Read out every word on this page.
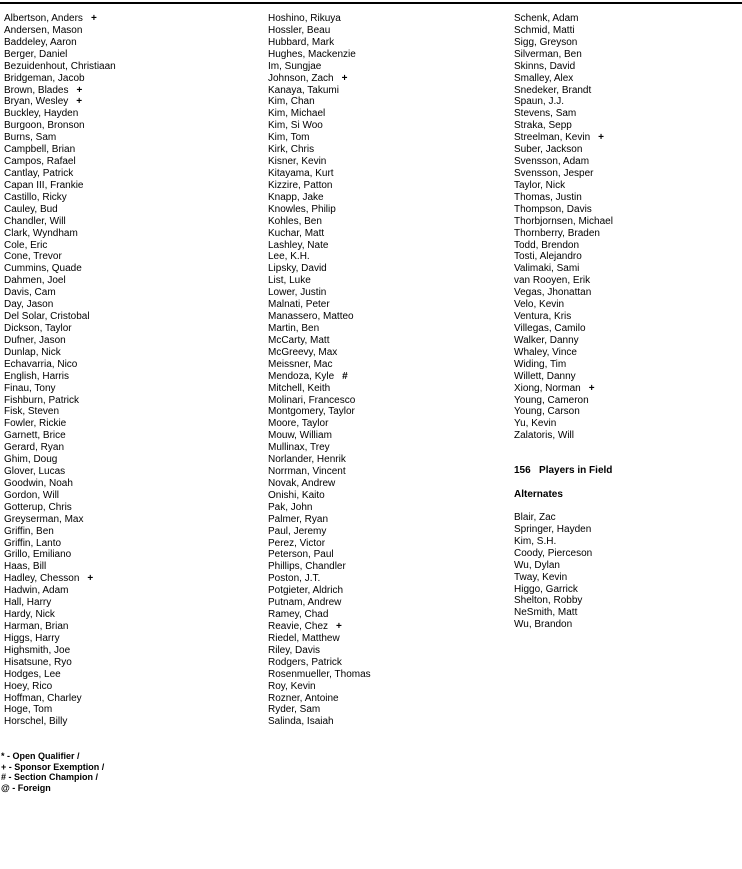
Albertson, Anders +
Andersen, Mason
Baddeley, Aaron
Berger, Daniel
Bezuidenhout, Christiaan
Bridgeman, Jacob
Brown, Blades +
Bryan, Wesley +
Buckley, Hayden
Burgoon, Bronson
Burns, Sam
Campbell, Brian
Campos, Rafael
Cantlay, Patrick
Capan III, Frankie
Castillo, Ricky
Cauley, Bud
Chandler, Will
Clark, Wyndham
Cole, Eric
Cone, Trevor
Cummins, Quade
Dahmen, Joel
Davis, Cam
Day, Jason
Del Solar, Cristobal
Dickson, Taylor
Dufner, Jason
Dunlap, Nick
Echavarria, Nico
English, Harris
Finau, Tony
Fishburn, Patrick
Fisk, Steven
Fowler, Rickie
Garnett, Brice
Gerard, Ryan
Ghim, Doug
Glover, Lucas
Goodwin, Noah
Gordon, Will
Gotterup, Chris
Greyserman, Max
Griffin, Ben
Griffin, Lanto
Grillo, Emiliano
Haas, Bill
Hadley, Chesson +
Hadwin, Adam
Hall, Harry
Hardy, Nick
Harman, Brian
Higgs, Harry
Highsmith, Joe
Hisatsune, Ryo
Hodges, Lee
Hoey, Rico
Hoffman, Charley
Hoge, Tom
Horschel, Billy
Hoshino, Rikuya
Hossler, Beau
Hubbard, Mark
Hughes, Mackenzie
Im, Sungjae
Johnson, Zach +
Kanaya, Takumi
Kim, Chan
Kim, Michael
Kim, Si Woo
Kim, Tom
Kirk, Chris
Kisner, Kevin
Kitayama, Kurt
Kizzire, Patton
Knapp, Jake
Knowles, Philip
Kohles, Ben
Kuchar, Matt
Lashley, Nate
Lee, K.H.
Lipsky, David
List, Luke
Lower, Justin
Malnati, Peter
Manassero, Matteo
Martin, Ben
McCarty, Matt
McGreevy, Max
Meissner, Mac
Mendoza, Kyle #
Mitchell, Keith
Molinari, Francesco
Montgomery, Taylor
Moore, Taylor
Mouw, William
Mullinax, Trey
Norlander, Henrik
Norrman, Vincent
Novak, Andrew
Onishi, Kaito
Pak, John
Palmer, Ryan
Paul, Jeremy
Perez, Victor
Peterson, Paul
Phillips, Chandler
Poston, J.T.
Potgieter, Aldrich
Putnam, Andrew
Ramey, Chad
Reavie, Chez +
Riedel, Matthew
Riley, Davis
Rodgers, Patrick
Rosenmueller, Thomas
Roy, Kevin
Rozner, Antoine
Ryder, Sam
Salinda, Isaiah
Schenk, Adam
Schmid, Matti
Sigg, Greyson
Silverman, Ben
Skinns, David
Smalley, Alex
Snedeker, Brandt
Spaun, J.J.
Stevens, Sam
Straka, Sepp
Streelman, Kevin +
Suber, Jackson
Svensson, Adam
Svensson, Jesper
Taylor, Nick
Thomas, Justin
Thompson, Davis
Thorbjornsen, Michael
Thornberry, Braden
Todd, Brendon
Tosti, Alejandro
Valimaki, Sami
van Rooyen, Erik
Vegas, Jhonattan
Velo, Kevin
Ventura, Kris
Villegas, Camilo
Walker, Danny
Whaley, Vince
Widing, Tim
Willett, Danny
Xiong, Norman +
Young, Cameron
Young, Carson
Yu, Kevin
Zalatoris, Will
156 Players in Field
Alternates
Blair, Zac
Springer, Hayden
Kim, S.H.
Coody, Pierceson
Wu, Dylan
Tway, Kevin
Higgo, Garrick
Shelton, Robby
NeSmith, Matt
Wu, Brandon
* - Open Qualifier /
+ - Sponsor Exemption /
# - Section Champion /
@ - Foreign
